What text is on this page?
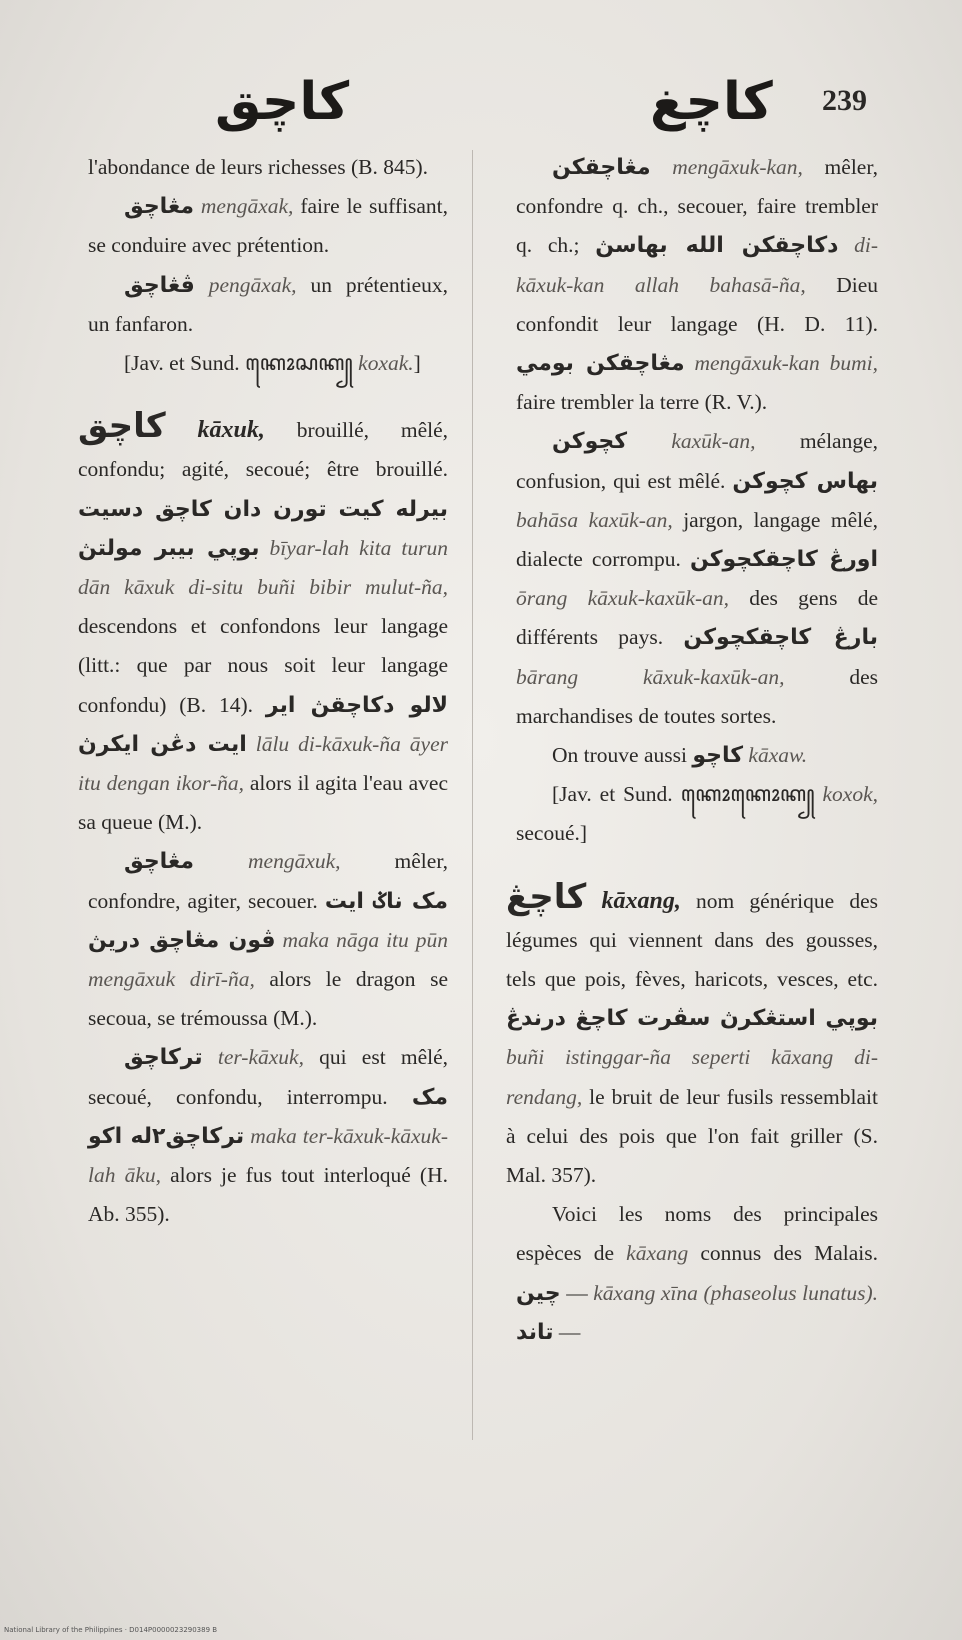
کاچق	کاچغ 239

l'abondance de leurs richesses (B. 845).

مڠاچق mengāxak, faire le suffisant, se conduire avec prétention.

ڤڠاچق pengāxak, un prétentieux, un fanfaron.

[Jav. et Sund. ꦏꦺꦴꦱꦏ꧀ koxak.]

کاچق kāxuk, brouillé, mêlé, confondu; agité, secoué; être brouillé. بيرله کيت تورن دان کاچق دسيت بوڽي بيبر مولتڽ bīyar-lah kita turun dān kāxuk di-situ buñi bibir mulut-ña, descendons et confondons leur langage (litt.: que par nous soit leur langage confondu) (B. 14). لالو دکاچقڽ اير ايت دڠن ايکرڽ lālu di-kāxuk-ña āyer itu dengan ikor-ña, alors il agita l'eau avec sa queue (M.).

مڠاچق	mengāxuk,	mêler, confondre, agiter, secouer. مک ناݢ ايت ڤون مڠاچق دريڽ maka nāga itu pūn mengāxuk dirī-ña, alors le dragon se secoua, se trémoussa (M.).

ترکاچق ter-kāxuk, qui est mêlé, secoué, confondu, interrompu. مک ترکاچق٢له اکو maka ter-kāxuk-kāxuk-lah āku, alors je fus tout interloqué (H. Ab. 355).

مڠاچقکن mengāxuk-kan, mêler, confondre q. ch., secouer, faire trembler q. ch.; دکاچقکن الله بهاسڽ di-kāxuk-kan allah bahasā-ña, Dieu confondit leur langage (H. D. 11). مڠاچقکن بومي mengāxuk-kan bumi, faire trembler la terre (R. V.).

کچوکن kaxūk-an, mélange, confusion, qui est mêlé. بهاس کچوکن bahāsa kaxūk-an, jargon, langage mêlé, dialecte corrompu. اورڠ کاچقکچوکن ōrang kāxuk-kaxūk-an, des gens de différents pays. بارڠ کاچقکچوکن bārang kāxuk-kaxūk-an,	des marchandises de toutes sortes.

On trouve aussi کاچو kāxaw.

[Jav. et Sund. ꦏꦺꦴꦏꦺꦴꦏ꧀ koxok, secoué.]

کاچڠ kāxang, nom générique des légumes qui viennent dans des gousses, tels que pois, fèves, haricots, vesces, etc. بوڽي استڠکرڽ سڤرت کاچڠ درندڠ buñi istinggar-ña seperti kāxang di-rendang, le bruit de leur fusils ressemblait à celui des pois que l'on fait griller (S. Mal. 357).

Voici les noms des principales espèces de kāxang connus des Malais. چين — kāxang xīna (phaseolus lunatus). تاند —

National Library of the Philippines · D014P0000023290389 B
